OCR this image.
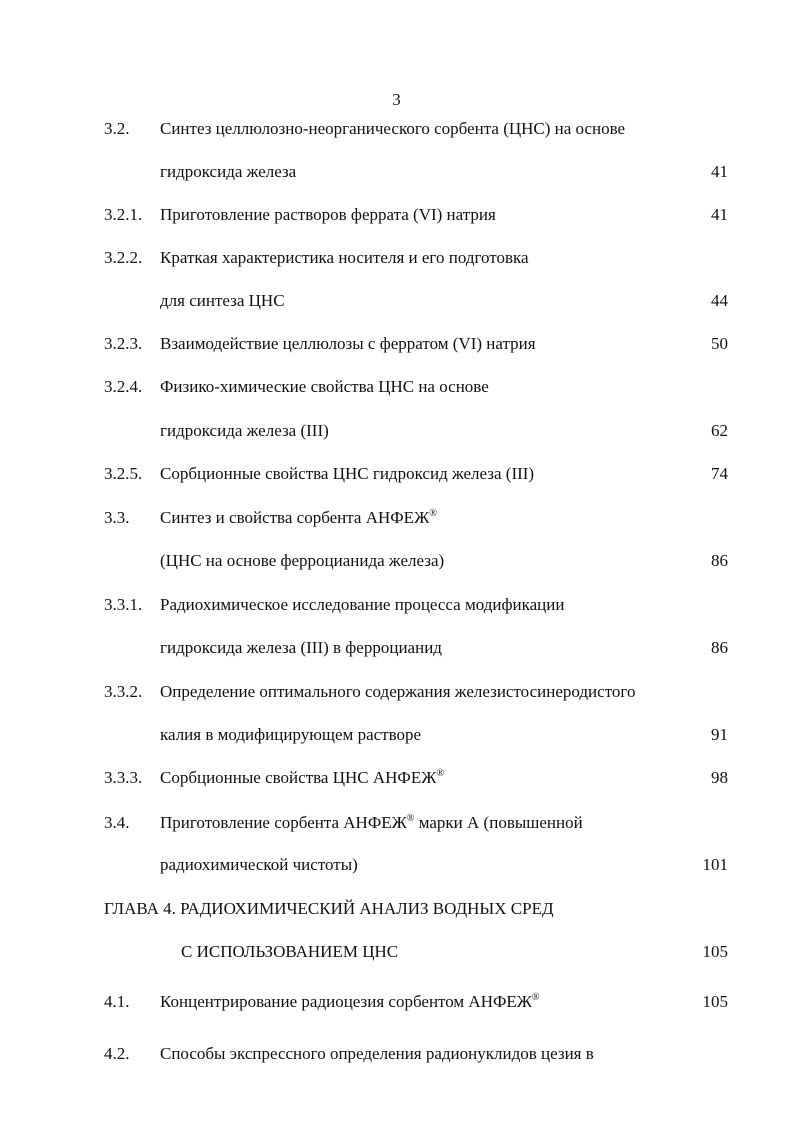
3
3.2. Синтез целлюлозно-неорганического сорбента (ЦНС) на основе
гидроксида железа	41
3.2.1. Приготовление растворов феррата (VI) натрия	41
3.2.2. Краткая характеристика носителя и его подготовка
для синтеза ЦНС	44
3.2.3. Взаимодействие целлюлозы с ферратом (VI) натрия	50
3.2.4. Физико-химические свойства ЦНС на основе
гидроксида железа (III)	62
3.2.5. Сорбционные свойства ЦНС гидроксид железа (III)	74
3.3. Синтез и свойства сорбента АНФЕЖ®
(ЦНС на основе ферроцианида железа)	86
3.3.1. Радиохимическое исследование процесса модификации
гидроксида железа (III) в ферроцианид	86
3.3.2. Определение оптимального содержания железистосинеродистого
калия в модифицирующем растворе	91
3.3.3. Сорбционные свойства ЦНС АНФЕЖ®	98
3.4. Приготовление сорбента АНФЕЖ® марки А (повышенной
радиохимической чистоты)	101
ГЛАВА 4. РАДИОХИМИЧЕСКИЙ АНАЛИЗ ВОДНЫХ СРЕД
С ИСПОЛЬЗОВАНИЕМ ЦНС	105
4.1. Концентрирование радиоцезия сорбентом АНФЕЖ®	105
4.2. Способы экспрессного определения радионуклидов цезия в
